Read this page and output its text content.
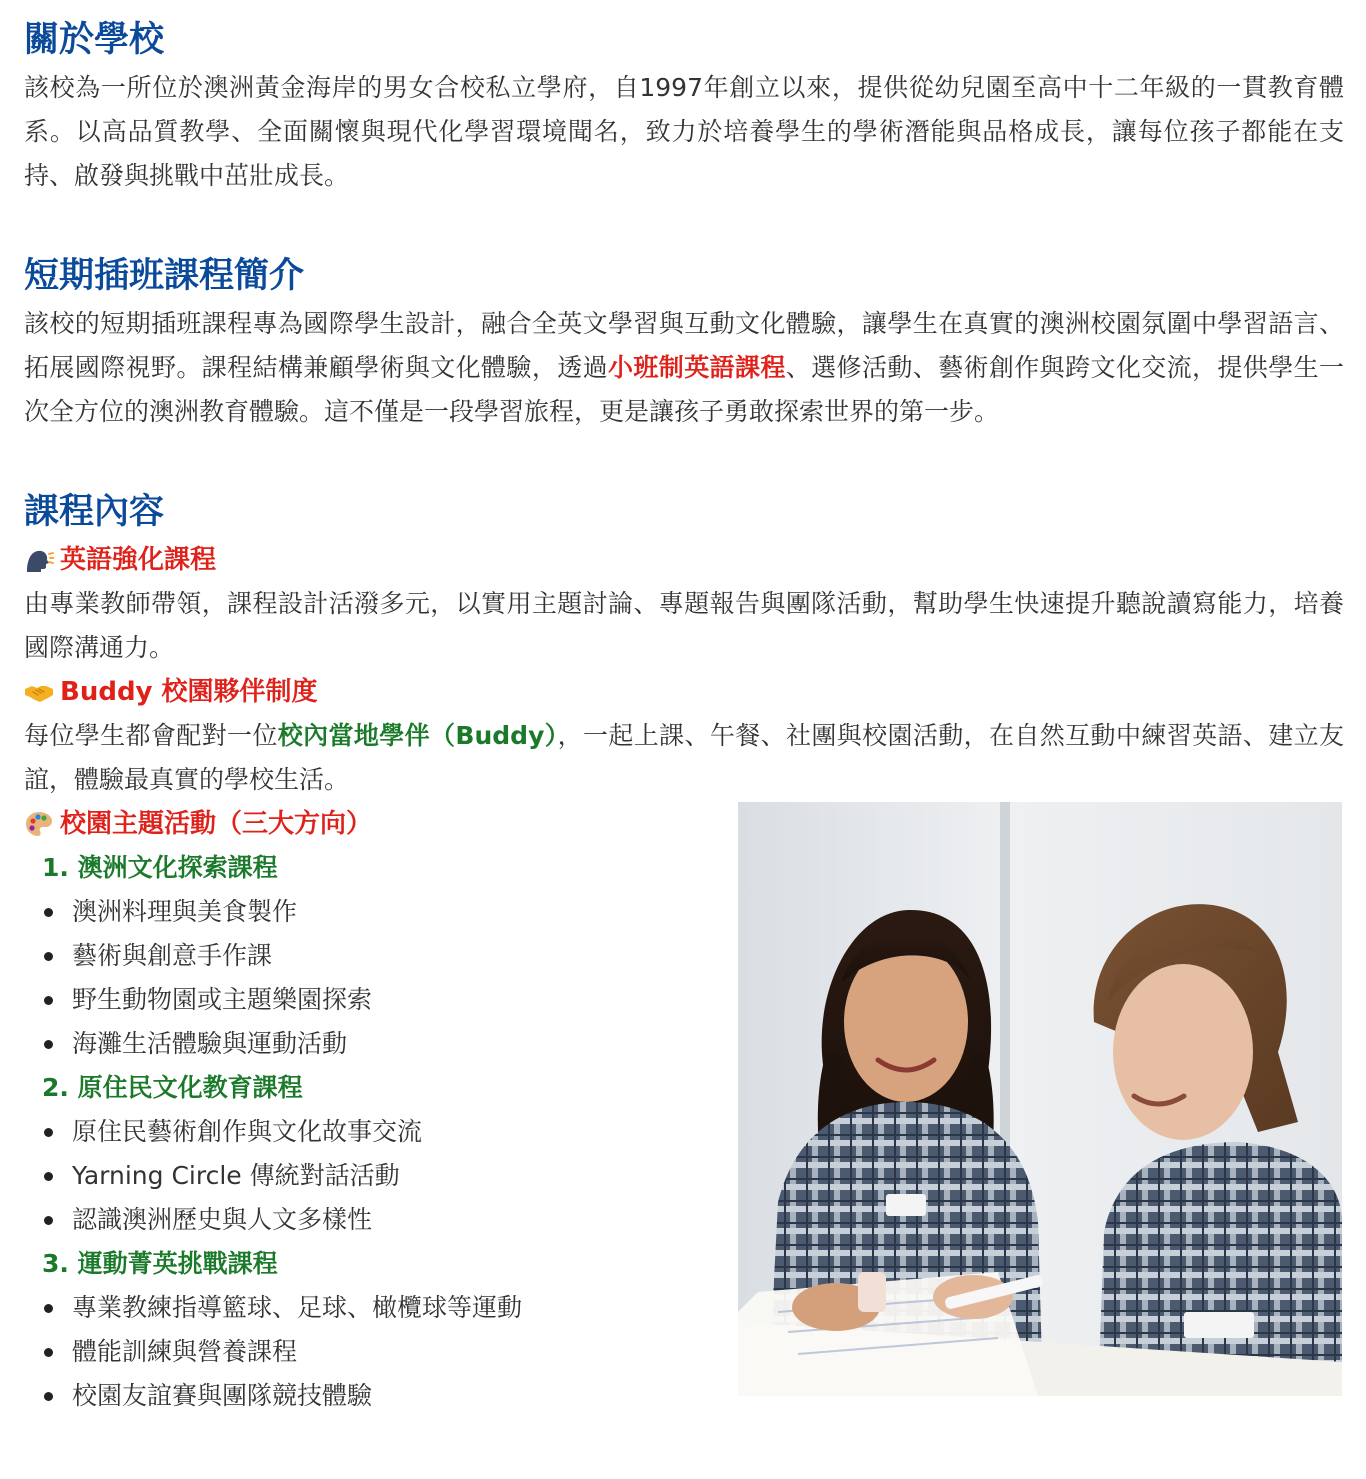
關於學校

該校為一所位於澳洲黃金海岸的男女合校私立學府，自1997年創立以來，提供從幼兒園至高中十二年級的一貫教育體系。以高品質教學、全面關懷與現代化學習環境聞名，致力於培養學生的學術潛能與品格成長，讓每位孩子都能在支持、啟發與挑戰中茁壯成長。

短期插班課程簡介

該校的短期插班課程專為國際學生設計，融合全英文學習與互動文化體驗，讓學生在真實的澳洲校園氛圍中學習語言、拓展國際視野。課程結構兼顧學術與文化體驗，透過小班制英語課程、選修活動、藝術創作與跨文化交流，提供學生一次全方位的澳洲教育體驗。這不僅是一段學習旅程，更是讓孩子勇敢探索世界的第一步。

課程內容
英語強化課程

由專業教師帶領，課程設計活潑多元，以實用主題討論、專題報告與團隊活動，幫助學生快速提升聽說讀寫能力，培養國際溝通力。

Buddy 校園夥伴制度

每位學生都會配對一位校內當地學伴（Buddy），一起上課、午餐、社團與校園活動，在自然互動中練習英語、建立友誼，體驗最真實的學校生活。

校園主題活動（三大方向）
1. 澳洲文化探索課程
澳洲料理與美食製作
藝術與創意手作課
野生動物園或主題樂園探索
海灘生活體驗與運動活動
2. 原住民文化教育課程
原住民藝術創作與文化故事交流
Yarning Circle 傳統對話活動
認識澳洲歷史與人文多樣性
3. 運動菁英挑戰課程
專業教練指導籃球、足球、橄欖球等運動
體能訓練與營養課程
校園友誼賽與團隊競技體驗
